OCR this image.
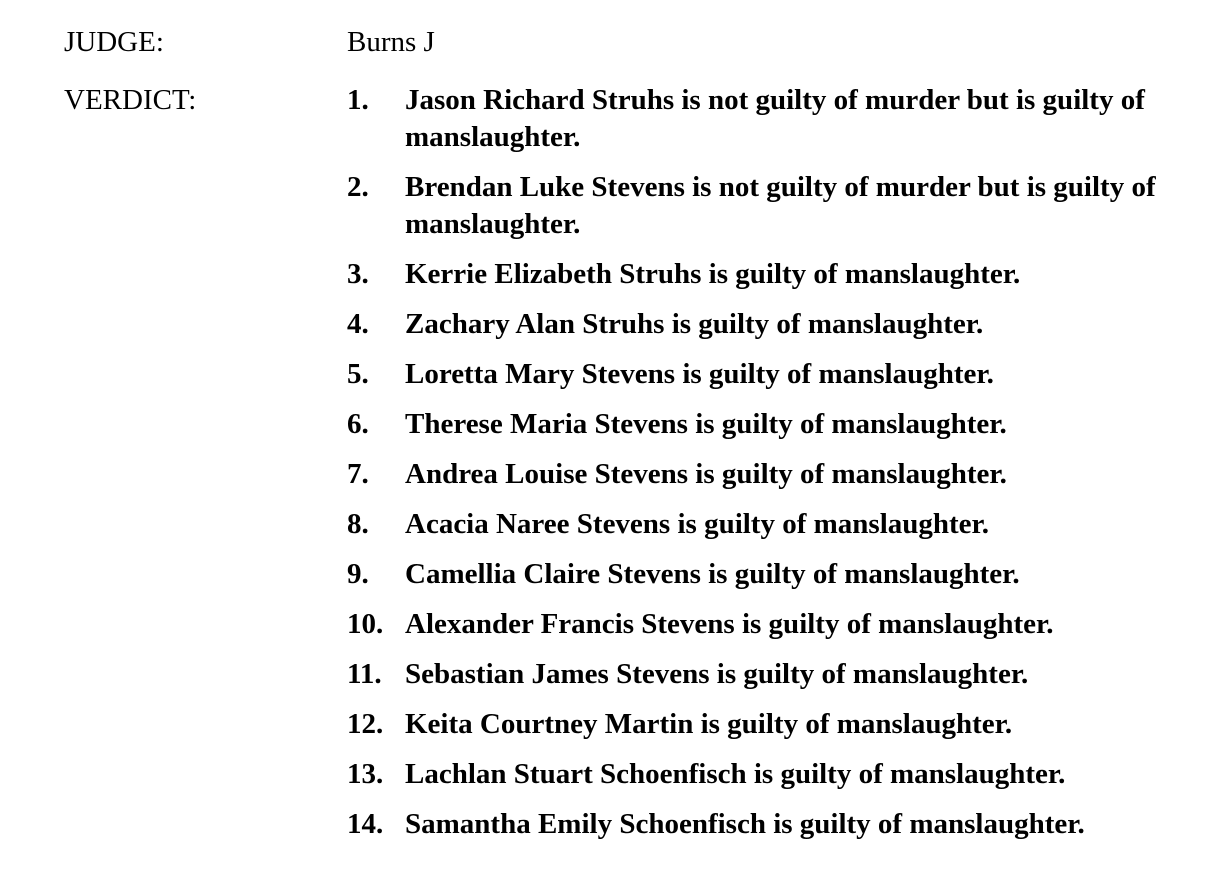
JUDGE:	Burns J
VERDICT:	1. Jason Richard Struhs is not guilty of murder but is guilty of manslaughter.
2. Brendan Luke Stevens is not guilty of murder but is guilty of manslaughter.
3. Kerrie Elizabeth Struhs is guilty of manslaughter.
4. Zachary Alan Struhs is guilty of manslaughter.
5. Loretta Mary Stevens is guilty of manslaughter.
6. Therese Maria Stevens is guilty of manslaughter.
7. Andrea Louise Stevens is guilty of manslaughter.
8. Acacia Naree Stevens is guilty of manslaughter.
9. Camellia Claire Stevens is guilty of manslaughter.
10. Alexander Francis Stevens is guilty of manslaughter.
11. Sebastian James Stevens is guilty of manslaughter.
12. Keita Courtney Martin is guilty of manslaughter.
13. Lachlan Stuart Schoenfisch is guilty of manslaughter.
14. Samantha Emily Schoenfisch is guilty of manslaughter.
